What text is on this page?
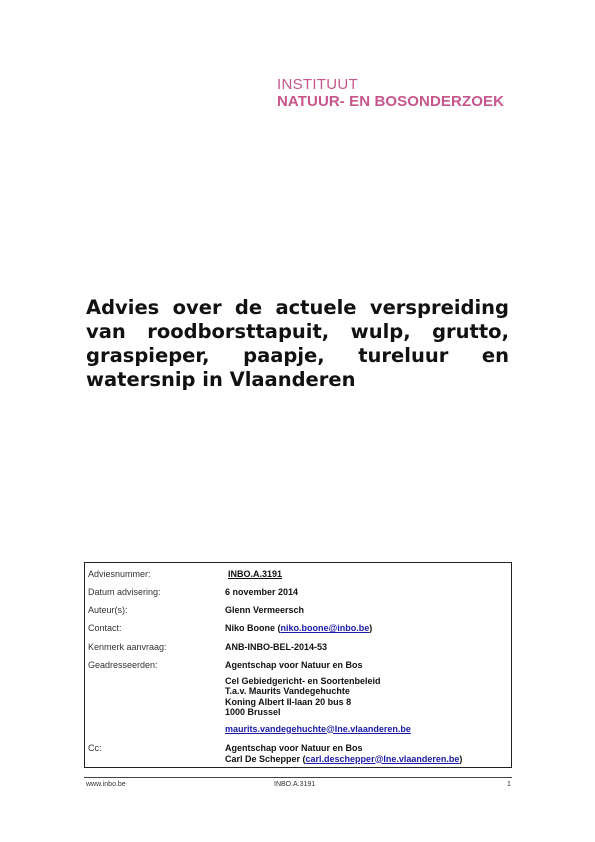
INSTITUUT
NATUUR- EN BOSONDERZOEK
Advies over de actuele verspreiding van roodborsttapuit, wulp, grutto, graspieper, paapje, tureluur en watersnip in Vlaanderen
Adviesnummer:	INBO.A.3191
Datum advisering:	6 november 2014
Auteur(s):	Glenn Vermeersch
Contact:	Niko Boone (niko.boone@inbo.be)
Kenmerk aanvraag:	ANB-INBO-BEL-2014-53
Geadresseerden:	Agentschap voor Natuur en Bos
Cel Gebiedgericht- en Soortenbeleid
T.a.v. Maurits Vandegehuchte
Koning Albert II-laan 20 bus 8
1000 Brussel
maurits.vandegehuchte@lne.vlaanderen.be
Cc:	Agentschap voor Natuur en Bos
Carl De Schepper (carl.deschepper@lne.vlaanderen.be)
www.inbo.be	INBO.A.3191	1
